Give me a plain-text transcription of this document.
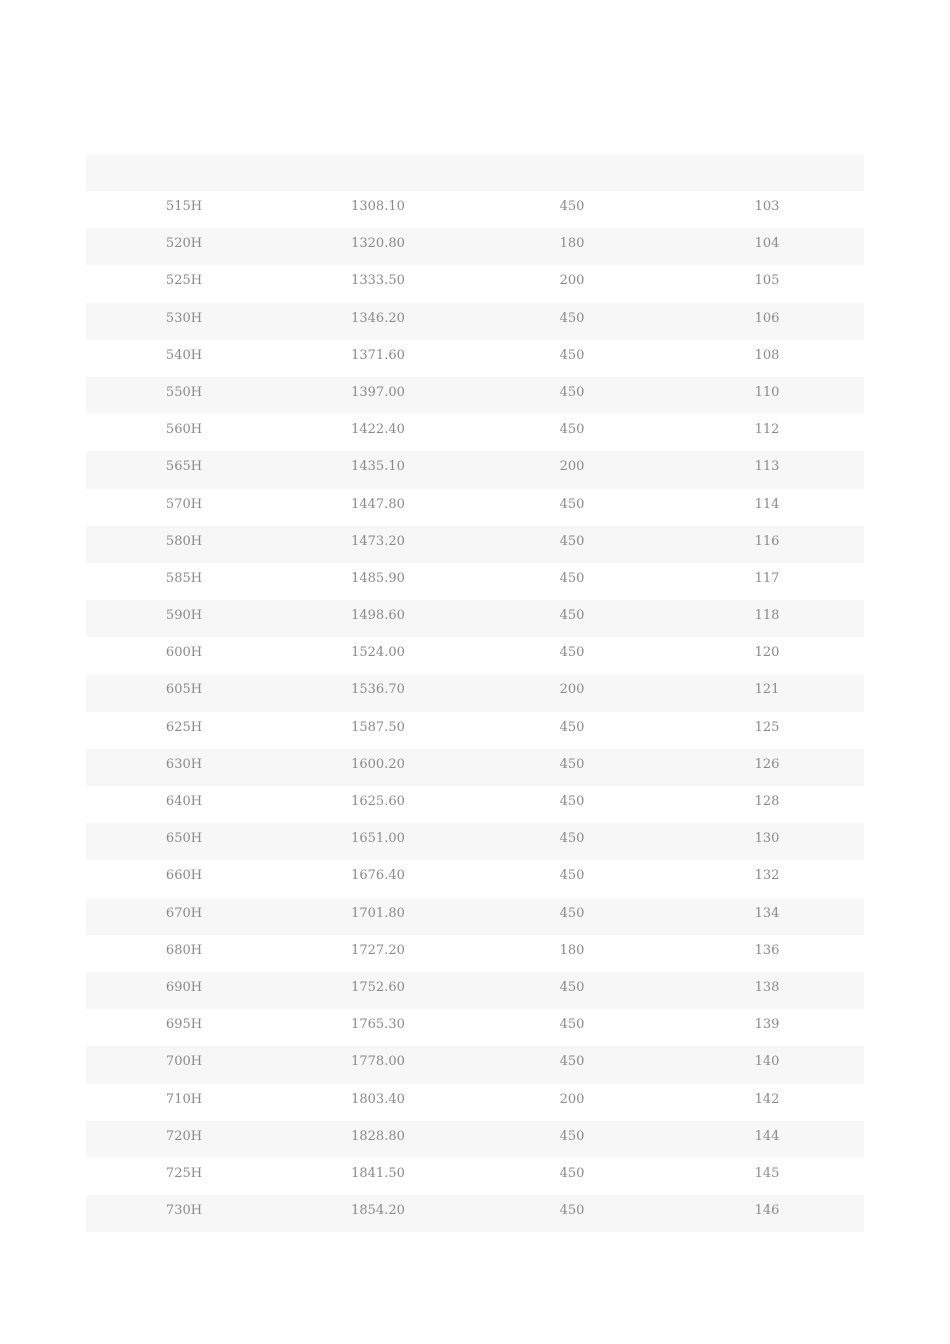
515H	1308.10	450	103
520H	1320.80	180	104
525H	1333.50	200	105
530H	1346.20	450	106
540H	1371.60	450	108
550H	1397.00	450	110
560H	1422.40	450	112
565H	1435.10	200	113
570H	1447.80	450	114
580H	1473.20	450	116
585H	1485.90	450	117
590H	1498.60	450	118
600H	1524.00	450	120
605H	1536.70	200	121
625H	1587.50	450	125
630H	1600.20	450	126
640H	1625.60	450	128
650H	1651.00	450	130
660H	1676.40	450	132
670H	1701.80	450	134
680H	1727.20	180	136
690H	1752.60	450	138
695H	1765.30	450	139
700H	1778.00	450	140
710H	1803.40	200	142
720H	1828.80	450	144
725H	1841.50	450	145
730H	1854.20	450	146
